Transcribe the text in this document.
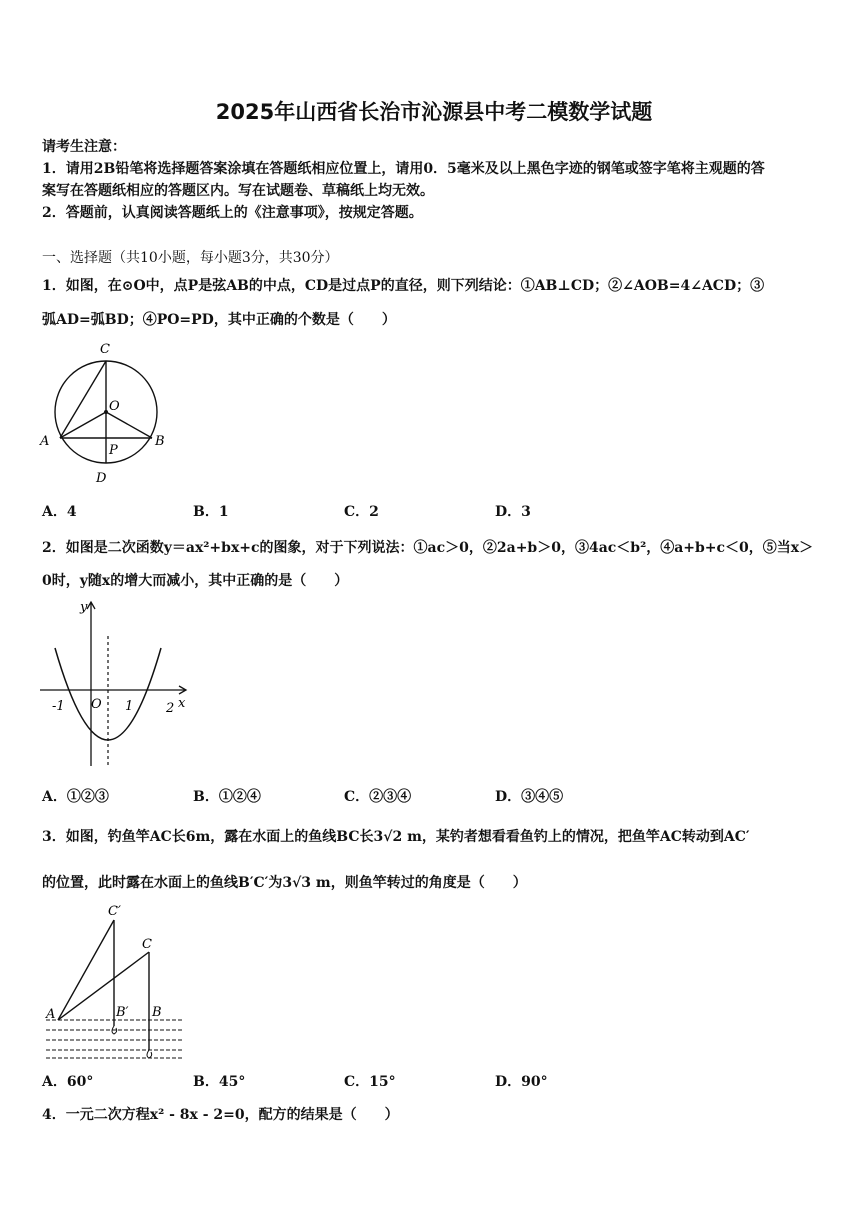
2025年山西省长治市沁源县中考二模数学试题
请考生注意：
1．请用2B铅笔将选择题答案涂填在答题纸相应位置上，请用0．5毫米及以上黑色字迹的钢笔或签字笔将主观题的答
案写在答题纸相应的答题区内。写在试题卷、草稿纸上均无效。
2．答题前，认真阅读答题纸上的《注意事项》，按规定答题。
一、选择题（共10小题，每小题3分，共30分）
1．如图，在⊙O中，点P是弦AB的中点，CD是过点P的直径，则下列结论：①AB⊥CD；②∠AOB=4∠ACD；③
弧AD=弧BD；④PO=PD，其中正确的个数是（　　）
C
O
A	B
P
D
A．4	B．1	C．2	D．3
2．如图是二次函数y＝ax²+bx+c的图象，对于下列说法：①ac＞0，②2a+b＞0，③4ac＜b²，④a+b+c＜0，⑤当x＞
0时，y随x的增大而减小，其中正确的是（　　）
y
x
-1 O 1	2
A．①②③	B．①②④	C．②③④	D．③④⑤
3．如图，钓鱼竿AC长6m，露在水面上的鱼线BC长3√2 m，某钓者想看看鱼钓上的情况，把鱼竿AC转动到AC′
的位置，此时露在水面上的鱼线B′C′为3√3 m，则鱼竿转过的角度是（　　）
C′
C
A	B′ B
A．60°	B．45°	C．15°	D．90°
4．一元二次方程x² - 8x - 2=0，配方的结果是（　　）
